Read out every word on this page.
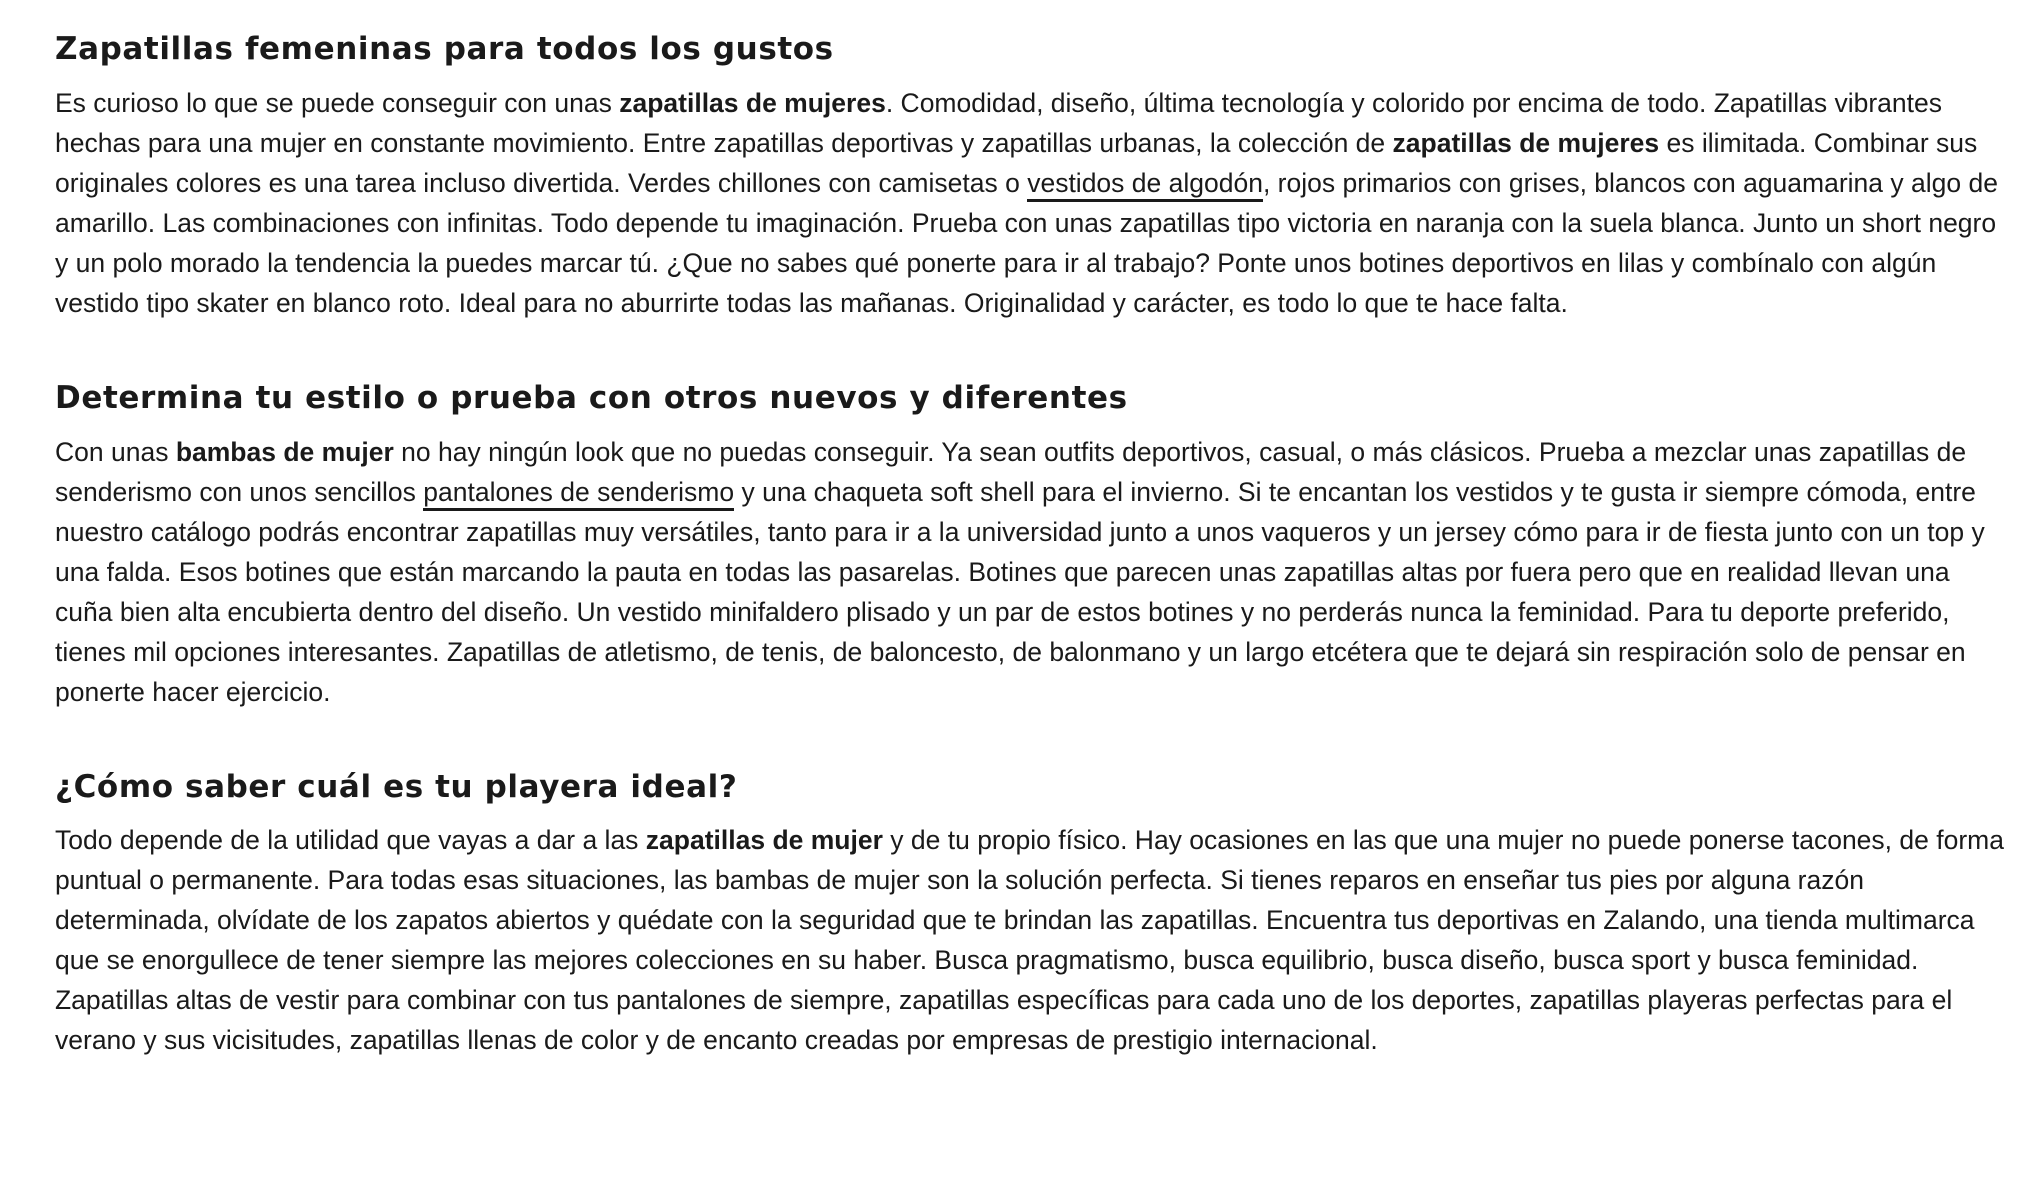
Zapatillas femeninas para todos los gustos

Es curioso lo que se puede conseguir con unas zapatillas de mujeres. Comodidad, diseño, última tecnología y colorido por encima de todo. Zapatillas vibrantes hechas para una mujer en constante movimiento. Entre zapatillas deportivas y zapatillas urbanas, la colección de zapatillas de mujeres es ilimitada. Combinar sus originales colores es una tarea incluso divertida. Verdes chillones con camisetas o vestidos de algodón, rojos primarios con grises, blancos con aguamarina y algo de amarillo. Las combinaciones con infinitas. Todo depende tu imaginación. Prueba con unas zapatillas tipo victoria en naranja con la suela blanca. Junto un short negro y un polo morado la tendencia la puedes marcar tú. ¿Que no sabes qué ponerte para ir al trabajo? Ponte unos botines deportivos en lilas y combínalo con algún vestido tipo skater en blanco roto. Ideal para no aburrirte todas las mañanas. Originalidad y carácter, es todo lo que te hace falta.

Determina tu estilo o prueba con otros nuevos y diferentes

Con unas bambas de mujer no hay ningún look que no puedas conseguir. Ya sean outfits deportivos, casual, o más clásicos. Prueba a mezclar unas zapatillas de senderismo con unos sencillos pantalones de senderismo y una chaqueta soft shell para el invierno. Si te encantan los vestidos y te gusta ir siempre cómoda, entre nuestro catálogo podrás encontrar zapatillas muy versátiles, tanto para ir a la universidad junto a unos vaqueros y un jersey cómo para ir de fiesta junto con un top y una falda. Esos botines que están marcando la pauta en todas las pasarelas. Botines que parecen unas zapatillas altas por fuera pero que en realidad llevan una cuña bien alta encubierta dentro del diseño. Un vestido minifaldero plisado y un par de estos botines y no perderás nunca la feminidad. Para tu deporte preferido, tienes mil opciones interesantes. Zapatillas de atletismo, de tenis, de baloncesto, de balonmano y un largo etcétera que te dejará sin respiración solo de pensar en ponerte hacer ejercicio.

¿Cómo saber cuál es tu playera ideal?

Todo depende de la utilidad que vayas a dar a las zapatillas de mujer y de tu propio físico. Hay ocasiones en las que una mujer no puede ponerse tacones, de forma puntual o permanente. Para todas esas situaciones, las bambas de mujer son la solución perfecta. Si tienes reparos en enseñar tus pies por alguna razón determinada, olvídate de los zapatos abiertos y quédate con la seguridad que te brindan las zapatillas. Encuentra tus deportivas en Zalando, una tienda multimarca que se enorgullece de tener siempre las mejores colecciones en su haber. Busca pragmatismo, busca equilibrio, busca diseño, busca sport y busca feminidad. Zapatillas altas de vestir para combinar con tus pantalones de siempre, zapatillas específicas para cada uno de los deportes, zapatillas playeras perfectas para el verano y sus vicisitudes, zapatillas llenas de color y de encanto creadas por empresas de prestigio internacional.
